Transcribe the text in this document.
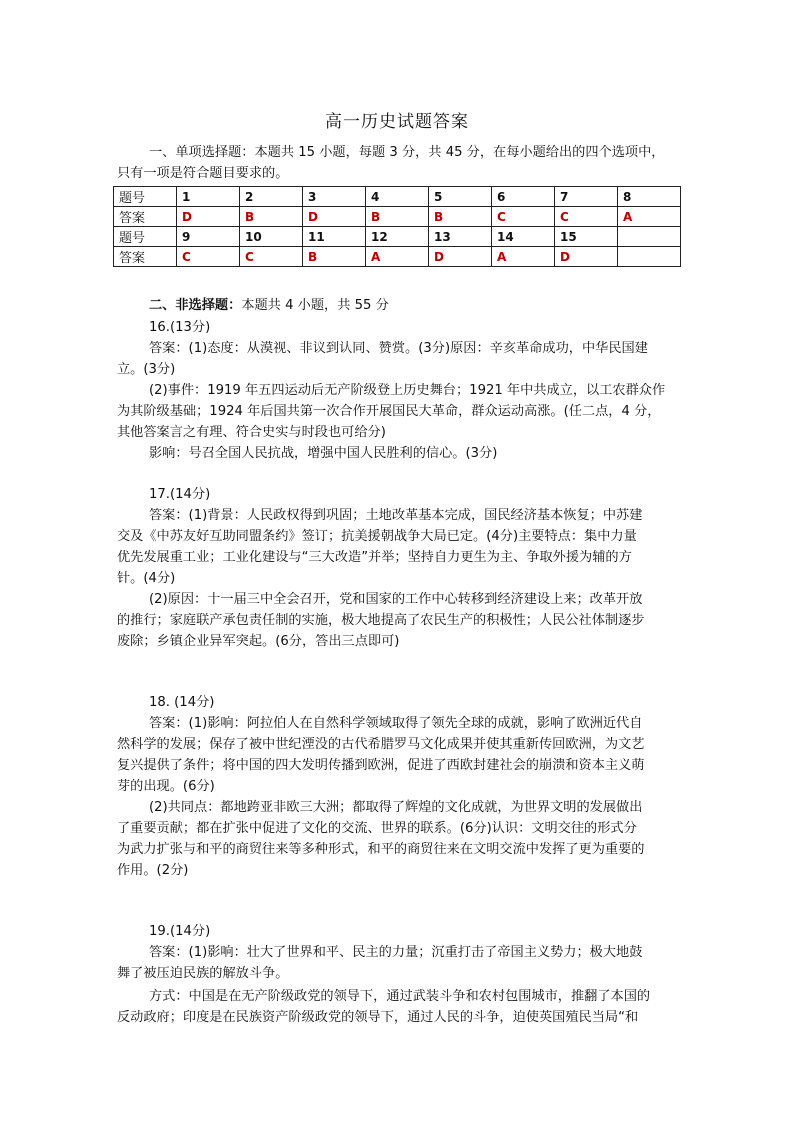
高一历史试题答案
一、单项选择题：本题共 15 小题，每题 3 分，共 45 分，在每小题给出的四个选项中，
只有一项是符合题目要求的。
题号	1	2	3	4	5	6	7	8
答案	D	B	D	B	B	C	C	A
题号	9	10	11	12	13	14	15	
答案	C	C	B	A	D	A	D	
二、非选择题：本题共 4 小题，共 55 分
16.(13分)
答案：(1)态度：从漠视、非议到认同、赞赏。(3分)原因：辛亥革命成功，中华民国建
立。(3分)
(2)事件：1919 年五四运动后无产阶级登上历史舞台；1921 年中共成立，以工农群众作
为其阶级基础；1924 年后国共第一次合作开展国民大革命，群众运动高涨。(任二点，4 分，
其他答案言之有理、符合史实与时段也可给分)
影响：号召全国人民抗战，增强中国人民胜利的信心。(3分)
17.(14分)
答案：(1)背景：人民政权得到巩固；土地改革基本完成，国民经济基本恢复；中苏建
交及《中苏友好互助同盟条约》签订；抗美援朝战争大局已定。(4分)主要特点：集中力量
优先发展重工业；工业化建设与“三大改造”并举；坚持自力更生为主、争取外援为辅的方
针。(4分)
(2)原因：十一届三中全会召开，党和国家的工作中心转移到经济建设上来；改革开放
的推行；家庭联产承包责任制的实施，极大地提高了农民生产的积极性；人民公社体制逐步
废除；乡镇企业异军突起。(6分，答出三点即可)
18. (14分)
答案：(1)影响：阿拉伯人在自然科学领域取得了领先全球的成就，影响了欧洲近代自
然科学的发展；保存了被中世纪湮没的古代希腊罗马文化成果并使其重新传回欧洲，为文艺
复兴提供了条件；将中国的四大发明传播到欧洲，促进了西欧封建社会的崩溃和资本主义萌
芽的出现。(6分)
(2)共同点：都地跨亚非欧三大洲；都取得了辉煌的文化成就，为世界文明的发展做出
了重要贡献；都在扩张中促进了文化的交流、世界的联系。(6分)认识：文明交往的形式分
为武力扩张与和平的商贸往来等多种形式，和平的商贸往来在文明交流中发挥了更为重要的
作用。(2分)
19.(14分)
答案：(1)影响：壮大了世界和平、民主的力量；沉重打击了帝国主义势力；极大地鼓
舞了被压迫民族的解放斗争。
方式：中国是在无产阶级政党的领导下，通过武装斗争和农村包围城市，推翻了本国的
反动政府；印度是在民族资产阶级政党的领导下，通过人民的斗争，迫使英国殖民当局“和
